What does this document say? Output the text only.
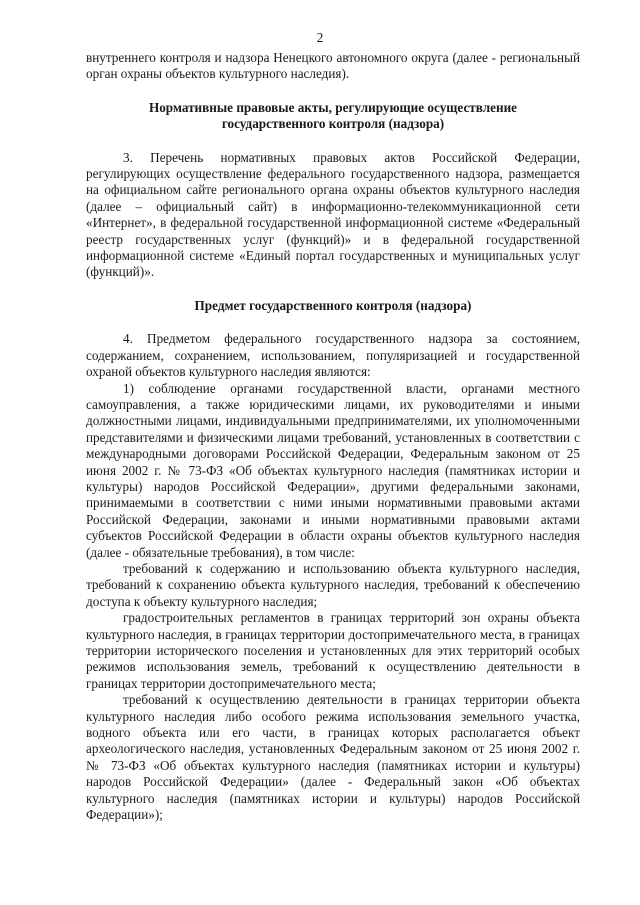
2

внутреннего контроля и надзора Ненецкого автономного округа (далее - региональный орган охраны объектов культурного наследия).

Нормативные правовые акты, регулирующие осуществление
государственного контроля (надзора)

3. Перечень нормативных правовых актов Российской Федерации, регулирующих осуществление федерального государственного надзора, размещается на официальном сайте регионального органа охраны объектов культурного наследия (далее – официальный сайт) в информационно-телекоммуникационной сети «Интернет», в федеральной государственной информационной системе «Федеральный реестр государственных услуг (функций)» и в федеральной государственной информационной системе «Единый портал государственных и муниципальных услуг (функций)».

Предмет государственного контроля (надзора)

4. Предметом федерального государственного надзора за состоянием, содержанием, сохранением, использованием, популяризацией и государственной охраной объектов культурного наследия являются:

1) соблюдение органами государственной власти, органами местного самоуправления, а также юридическими лицами, их руководителями и иными должностными лицами, индивидуальными предпринимателями, их уполномоченными представителями и физическими лицами требований, установленных в соответствии с международными договорами Российской Федерации, Федеральным законом от 25 июня 2002 г. № 73-ФЗ «Об объектах культурного наследия (памятниках истории и культуры) народов Российской Федерации», другими федеральными законами, принимаемыми в соответствии с ними иными нормативными правовыми актами Российской Федерации, законами и иными нормативными правовыми актами субъектов Российской Федерации в области охраны объектов культурного наследия (далее - обязательные требования), в том числе:

требований к содержанию и использованию объекта культурного наследия, требований к сохранению объекта культурного наследия, требований к обеспечению доступа к объекту культурного наследия;

градостроительных регламентов в границах территорий зон охраны объекта культурного наследия, в границах территории достопримечательного места, в границах территории исторического поселения и установленных для этих территорий особых режимов использования земель, требований к осуществлению деятельности в границах территории достопримечательного места;

требований к осуществлению деятельности в границах территории объекта культурного наследия либо особого режима использования земельного участка, водного объекта или его части, в границах которых располагается объект археологического наследия, установленных Федеральным законом от 25 июня 2002 г. № 73-ФЗ «Об объектах культурного наследия (памятниках истории и культуры) народов Российской Федерации» (далее - Федеральный закон «Об объектах культурного наследия (памятниках истории и культуры) народов Российской Федерации»);
